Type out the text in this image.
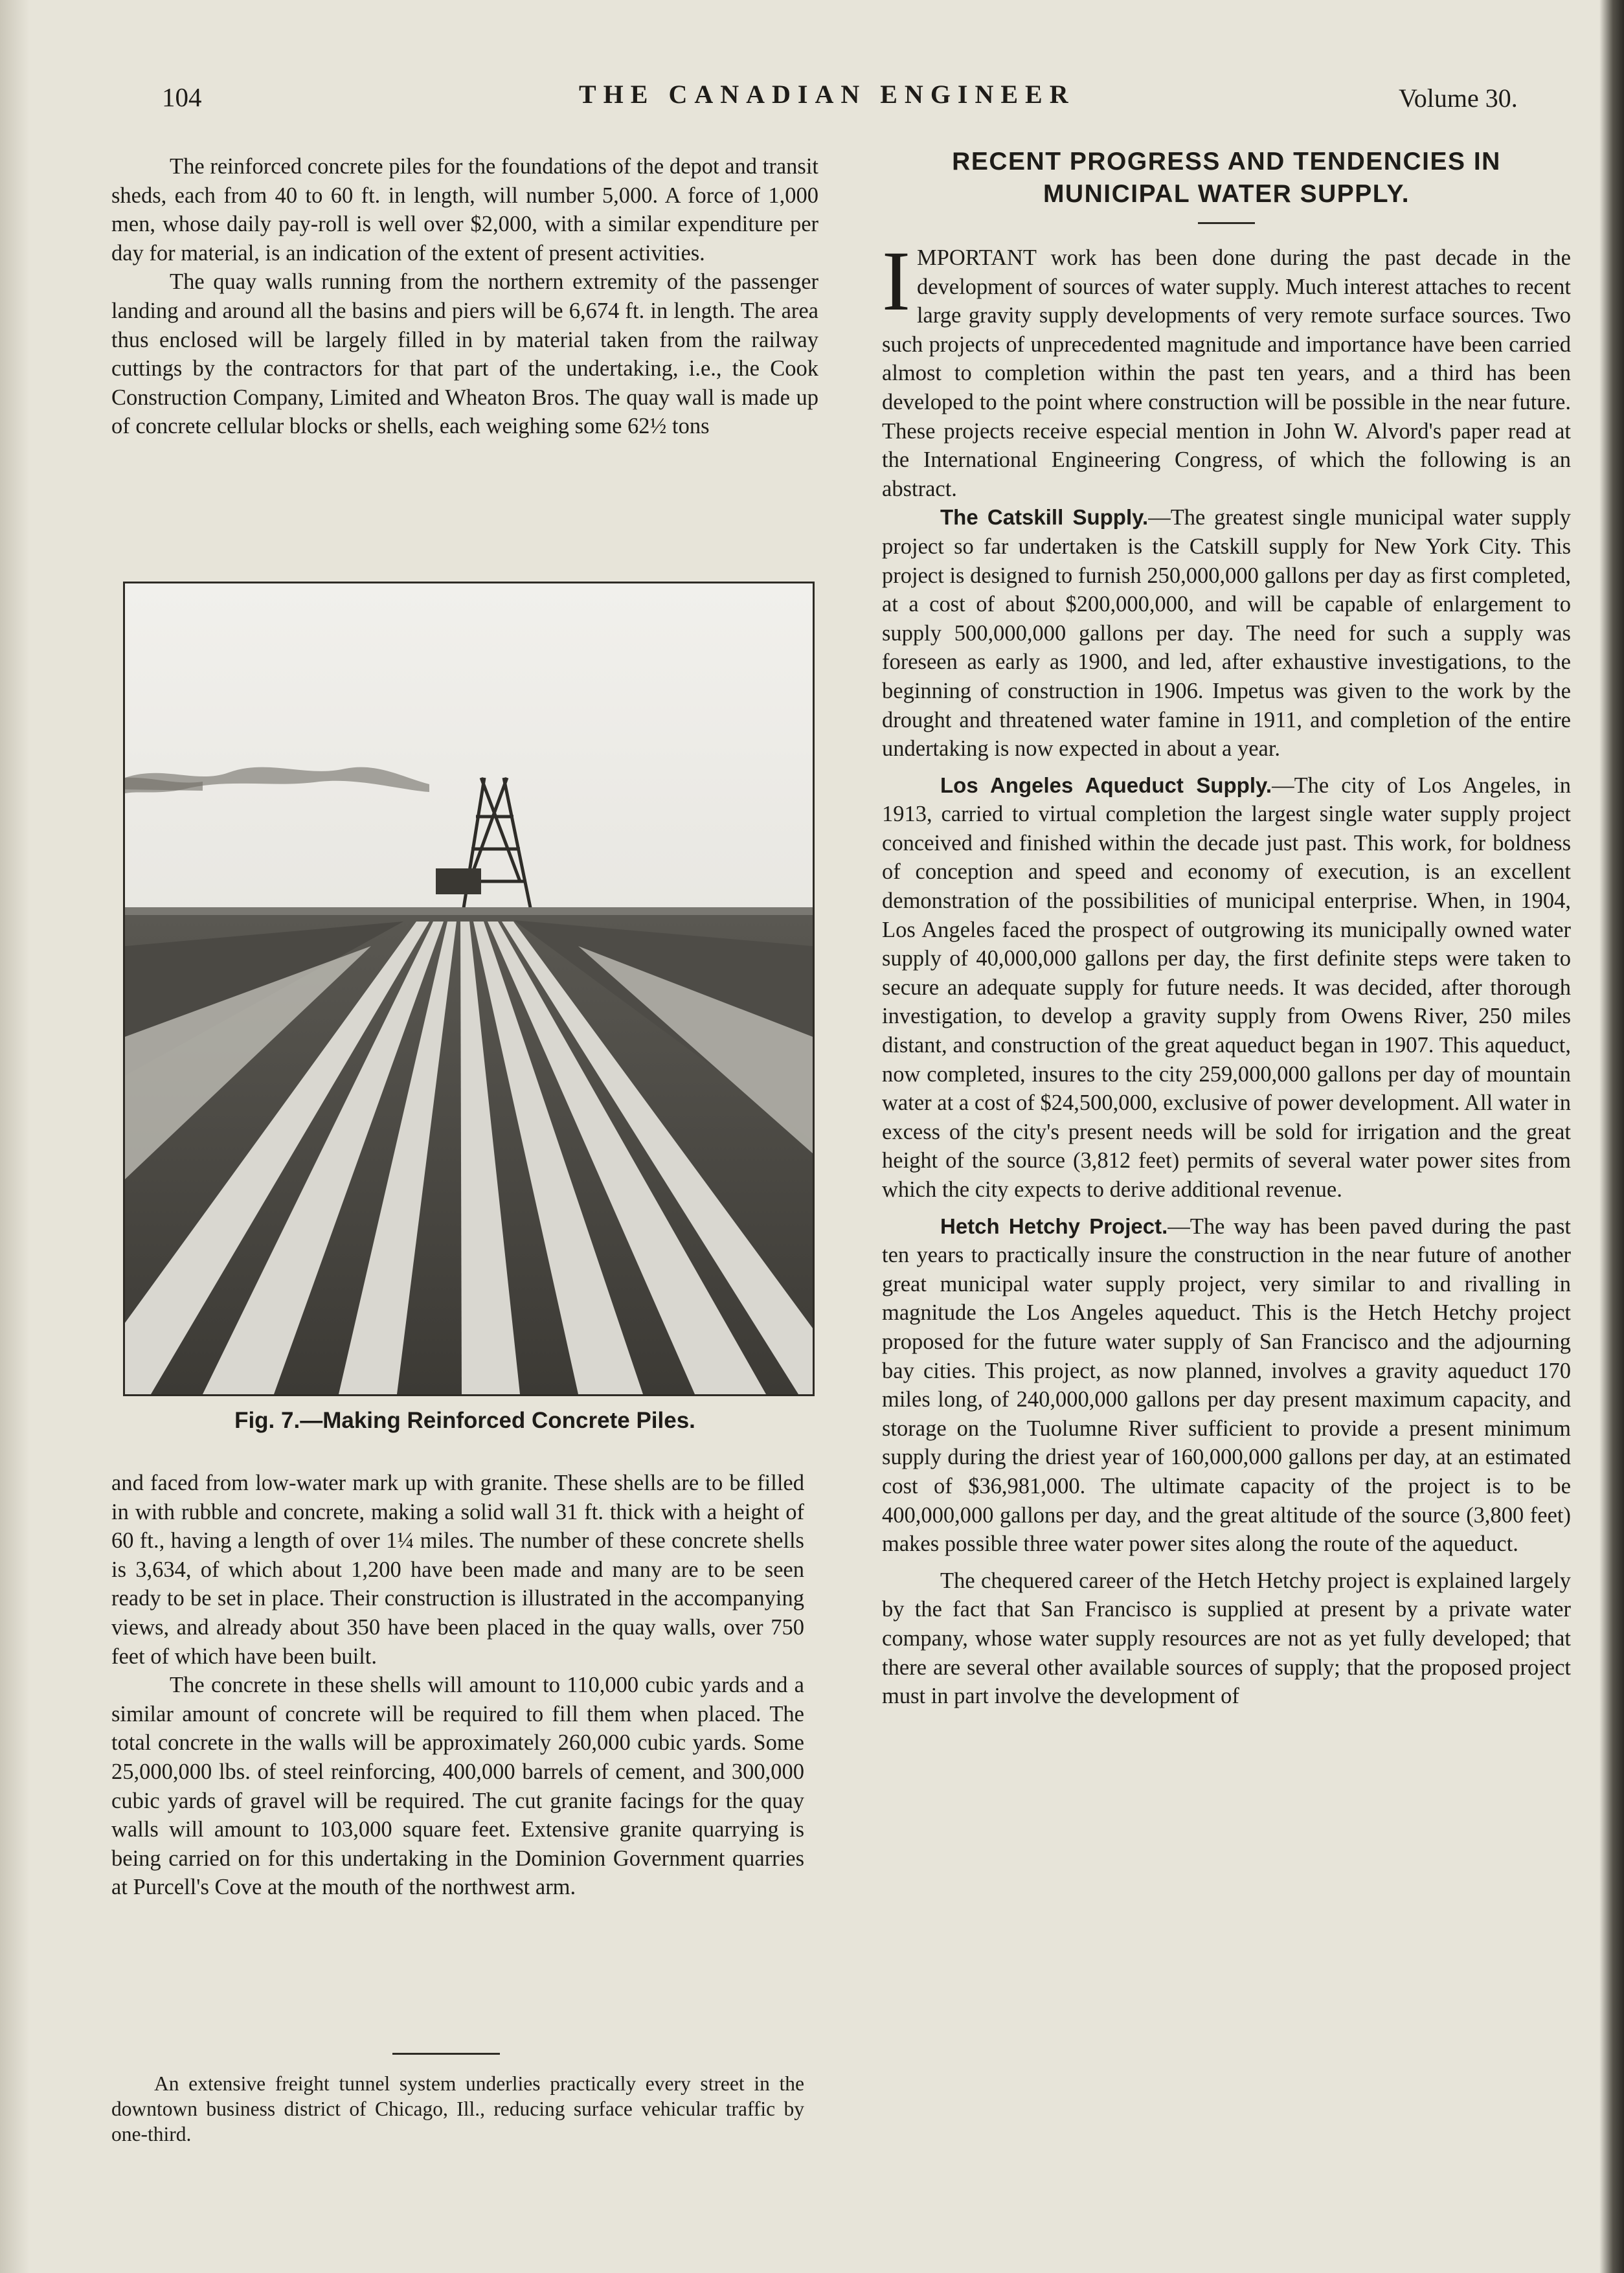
104	THE CANADIAN ENGINEER	Volume 30.

The reinforced concrete piles for the foundations of the depot and transit sheds, each from 40 to 60 ft. in length, will number 5,000. A force of 1,000 men, whose daily pay-roll is well over $2,000, with a similar expenditure per day for material, is an indication of the extent of present activities.

The quay walls running from the northern extremity of the passenger landing and around all the basins and piers will be 6,674 ft. in length. The area thus enclosed will be largely filled in by material taken from the railway cuttings by the contractors for that part of the undertaking, i.e., the Cook Construction Company, Limited and Wheaton Bros. The quay wall is made up of concrete cellular blocks or shells, each weighing some 62½ tons

Fig. 7.—Making Reinforced Concrete Piles.

and faced from low-water mark up with granite. These shells are to be filled in with rubble and concrete, making a solid wall 31 ft. thick with a height of 60 ft., having a length of over 1¼ miles. The number of these concrete shells is 3,634, of which about 1,200 have been made and many are to be seen ready to be set in place. Their construction is illustrated in the accompanying views, and already about 350 have been placed in the quay walls, over 750 feet of which have been built.

The concrete in these shells will amount to 110,000 cubic yards and a similar amount of concrete will be required to fill them when placed. The total concrete in the walls will be approximately 260,000 cubic yards. Some 25,000,000 lbs. of steel reinforcing, 400,000 barrels of cement, and 300,000 cubic yards of gravel will be required. The cut granite facings for the quay walls will amount to 103,000 square feet. Extensive granite quarrying is being carried on for this undertaking in the Dominion Government quarries at Purcell's Cove at the mouth of the northwest arm.

An extensive freight tunnel system underlies practically every street in the downtown business district of Chicago, Ill., reducing surface vehicular traffic by one-third.

RECENT PROGRESS AND TENDENCIES IN MUNICIPAL WATER SUPPLY.

IMPORTANT work has been done during the past decade in the development of sources of water supply. Much interest attaches to recent large gravity supply developments of very remote surface sources. Two such projects of unprecedented magnitude and importance have been carried almost to completion within the past ten years, and a third has been developed to the point where construction will be possible in the near future. These projects receive especial mention in John W. Alvord's paper read at the International Engineering Congress, of which the following is an abstract.

The Catskill Supply.—The greatest single municipal water supply project so far undertaken is the Catskill supply for New York City. This project is designed to furnish 250,000,000 gallons per day as first completed, at a cost of about $200,000,000, and will be capable of enlargement to supply 500,000,000 gallons per day. The need for such a supply was foreseen as early as 1900, and led, after exhaustive investigations, to the beginning of construction in 1906. Impetus was given to the work by the drought and threatened water famine in 1911, and completion of the entire undertaking is now expected in about a year.

Los Angeles Aqueduct Supply.—The city of Los Angeles, in 1913, carried to virtual completion the largest single water supply project conceived and finished within the decade just past. This work, for boldness of conception and speed and economy of execution, is an excellent demonstration of the possibilities of municipal enterprise. When, in 1904, Los Angeles faced the prospect of outgrowing its municipally owned water supply of 40,000,000 gallons per day, the first definite steps were taken to secure an adequate supply for future needs. It was decided, after thorough investigation, to develop a gravity supply from Owens River, 250 miles distant, and construction of the great aqueduct began in 1907. This aqueduct, now completed, insures to the city 259,000,000 gallons per day of mountain water at a cost of $24,500,000, exclusive of power development. All water in excess of the city's present needs will be sold for irrigation and the great height of the source (3,812 feet) permits of several water power sites from which the city expects to derive additional revenue.

Hetch Hetchy Project.—The way has been paved during the past ten years to practically insure the construction in the near future of another great municipal water supply project, very similar to and rivalling in magnitude the Los Angeles aqueduct. This is the Hetch Hetchy project proposed for the future water supply of San Francisco and the adjourning bay cities. This project, as now planned, involves a gravity aqueduct 170 miles long, of 240,000,000 gallons per day present maximum capacity, and storage on the Tuolumne River sufficient to provide a present minimum supply during the driest year of 160,000,000 gallons per day, at an estimated cost of $36,981,000. The ultimate capacity of the project is to be 400,000,000 gallons per day, and the great altitude of the source (3,800 feet) makes possible three water power sites along the route of the aqueduct.

The chequered career of the Hetch Hetchy project is explained largely by the fact that San Francisco is supplied at present by a private water company, whose water supply resources are not as yet fully developed; that there are several other available sources of supply; that the proposed project must in part involve the development of
